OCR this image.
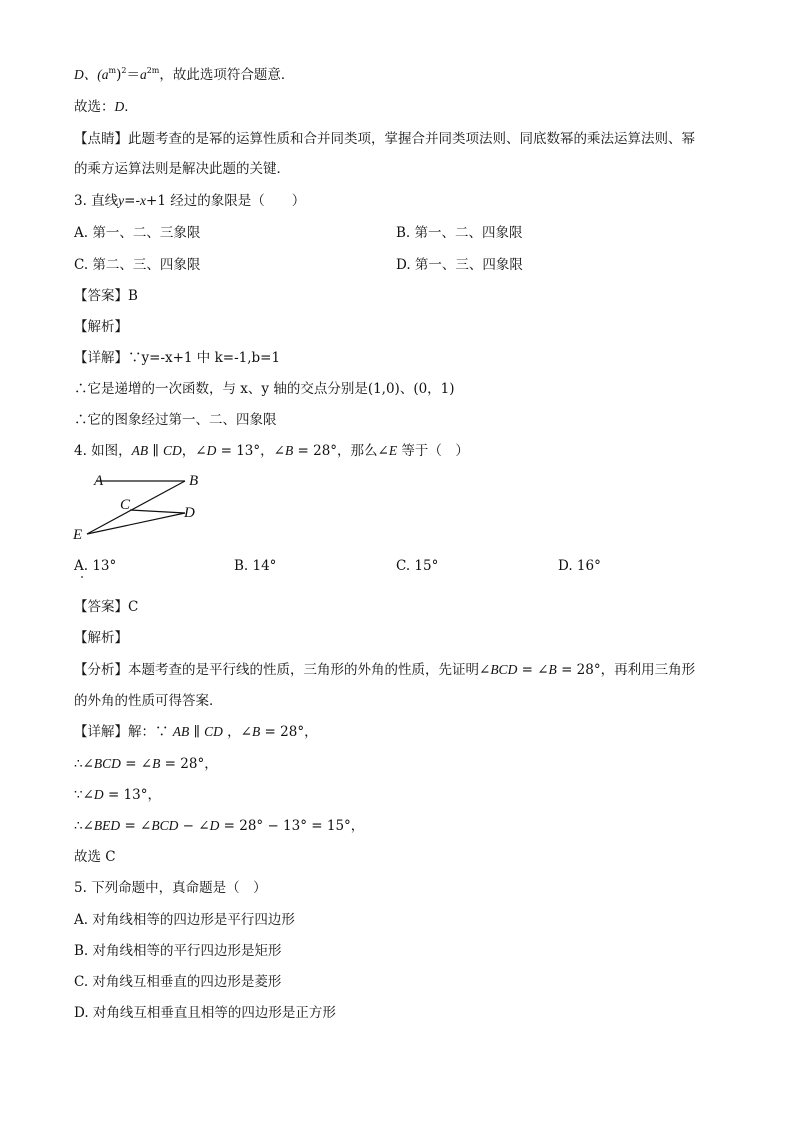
D、$(a^m)^2=a^{2m}$，故此选项符合题意．
故选：D．
【点睛】此题考查的是幂的运算性质和合并同类项，掌握合并同类项法则、同底数幂的乘法运算法则、幂
的乘方运算法则是解决此题的关键．
3. 直线y=-x+1 经过的象限是（　　）
A. 第一、二、三象限	B. 第一、二、四象限
C. 第二、三、四象限	D. 第一、三、四象限
【答案】B
【解析】
【详解】∵y=-x+1 中 k=-1,b=1
∴它是递增的一次函数，与 x、y 轴的交点分别是(1,0)、(0，1)
∴它的图象经过第一、二、四象限
4. 如图，AB ∥ CD，∠D = 13°，∠B = 28°，那么∠E 等于（　）
A	B
C	D
E
A. 13°	B. 14°	C. 15°	D. 16°
【答案】C
【解析】
【分析】本题考查的是平行线的性质，三角形的外角的性质，先证明∠BCD = ∠B = 28°，再利用三角形
的外角的性质可得答案．
【详解】解：∵ AB ∥ CD ，∠B = 28°，
∴∠BCD = ∠B = 28°，
∵∠D = 13°，
∴∠BED = ∠BCD − ∠D = 28° − 13° = 15°，
故选 C
5. 下列命题中，真命题是（　）
A. 对角线相等的四边形是平行四边形
B. 对角线相等的平行四边形是矩形
C. 对角线互相垂直的四边形是菱形
D. 对角线互相垂直且相等的四边形是正方形
